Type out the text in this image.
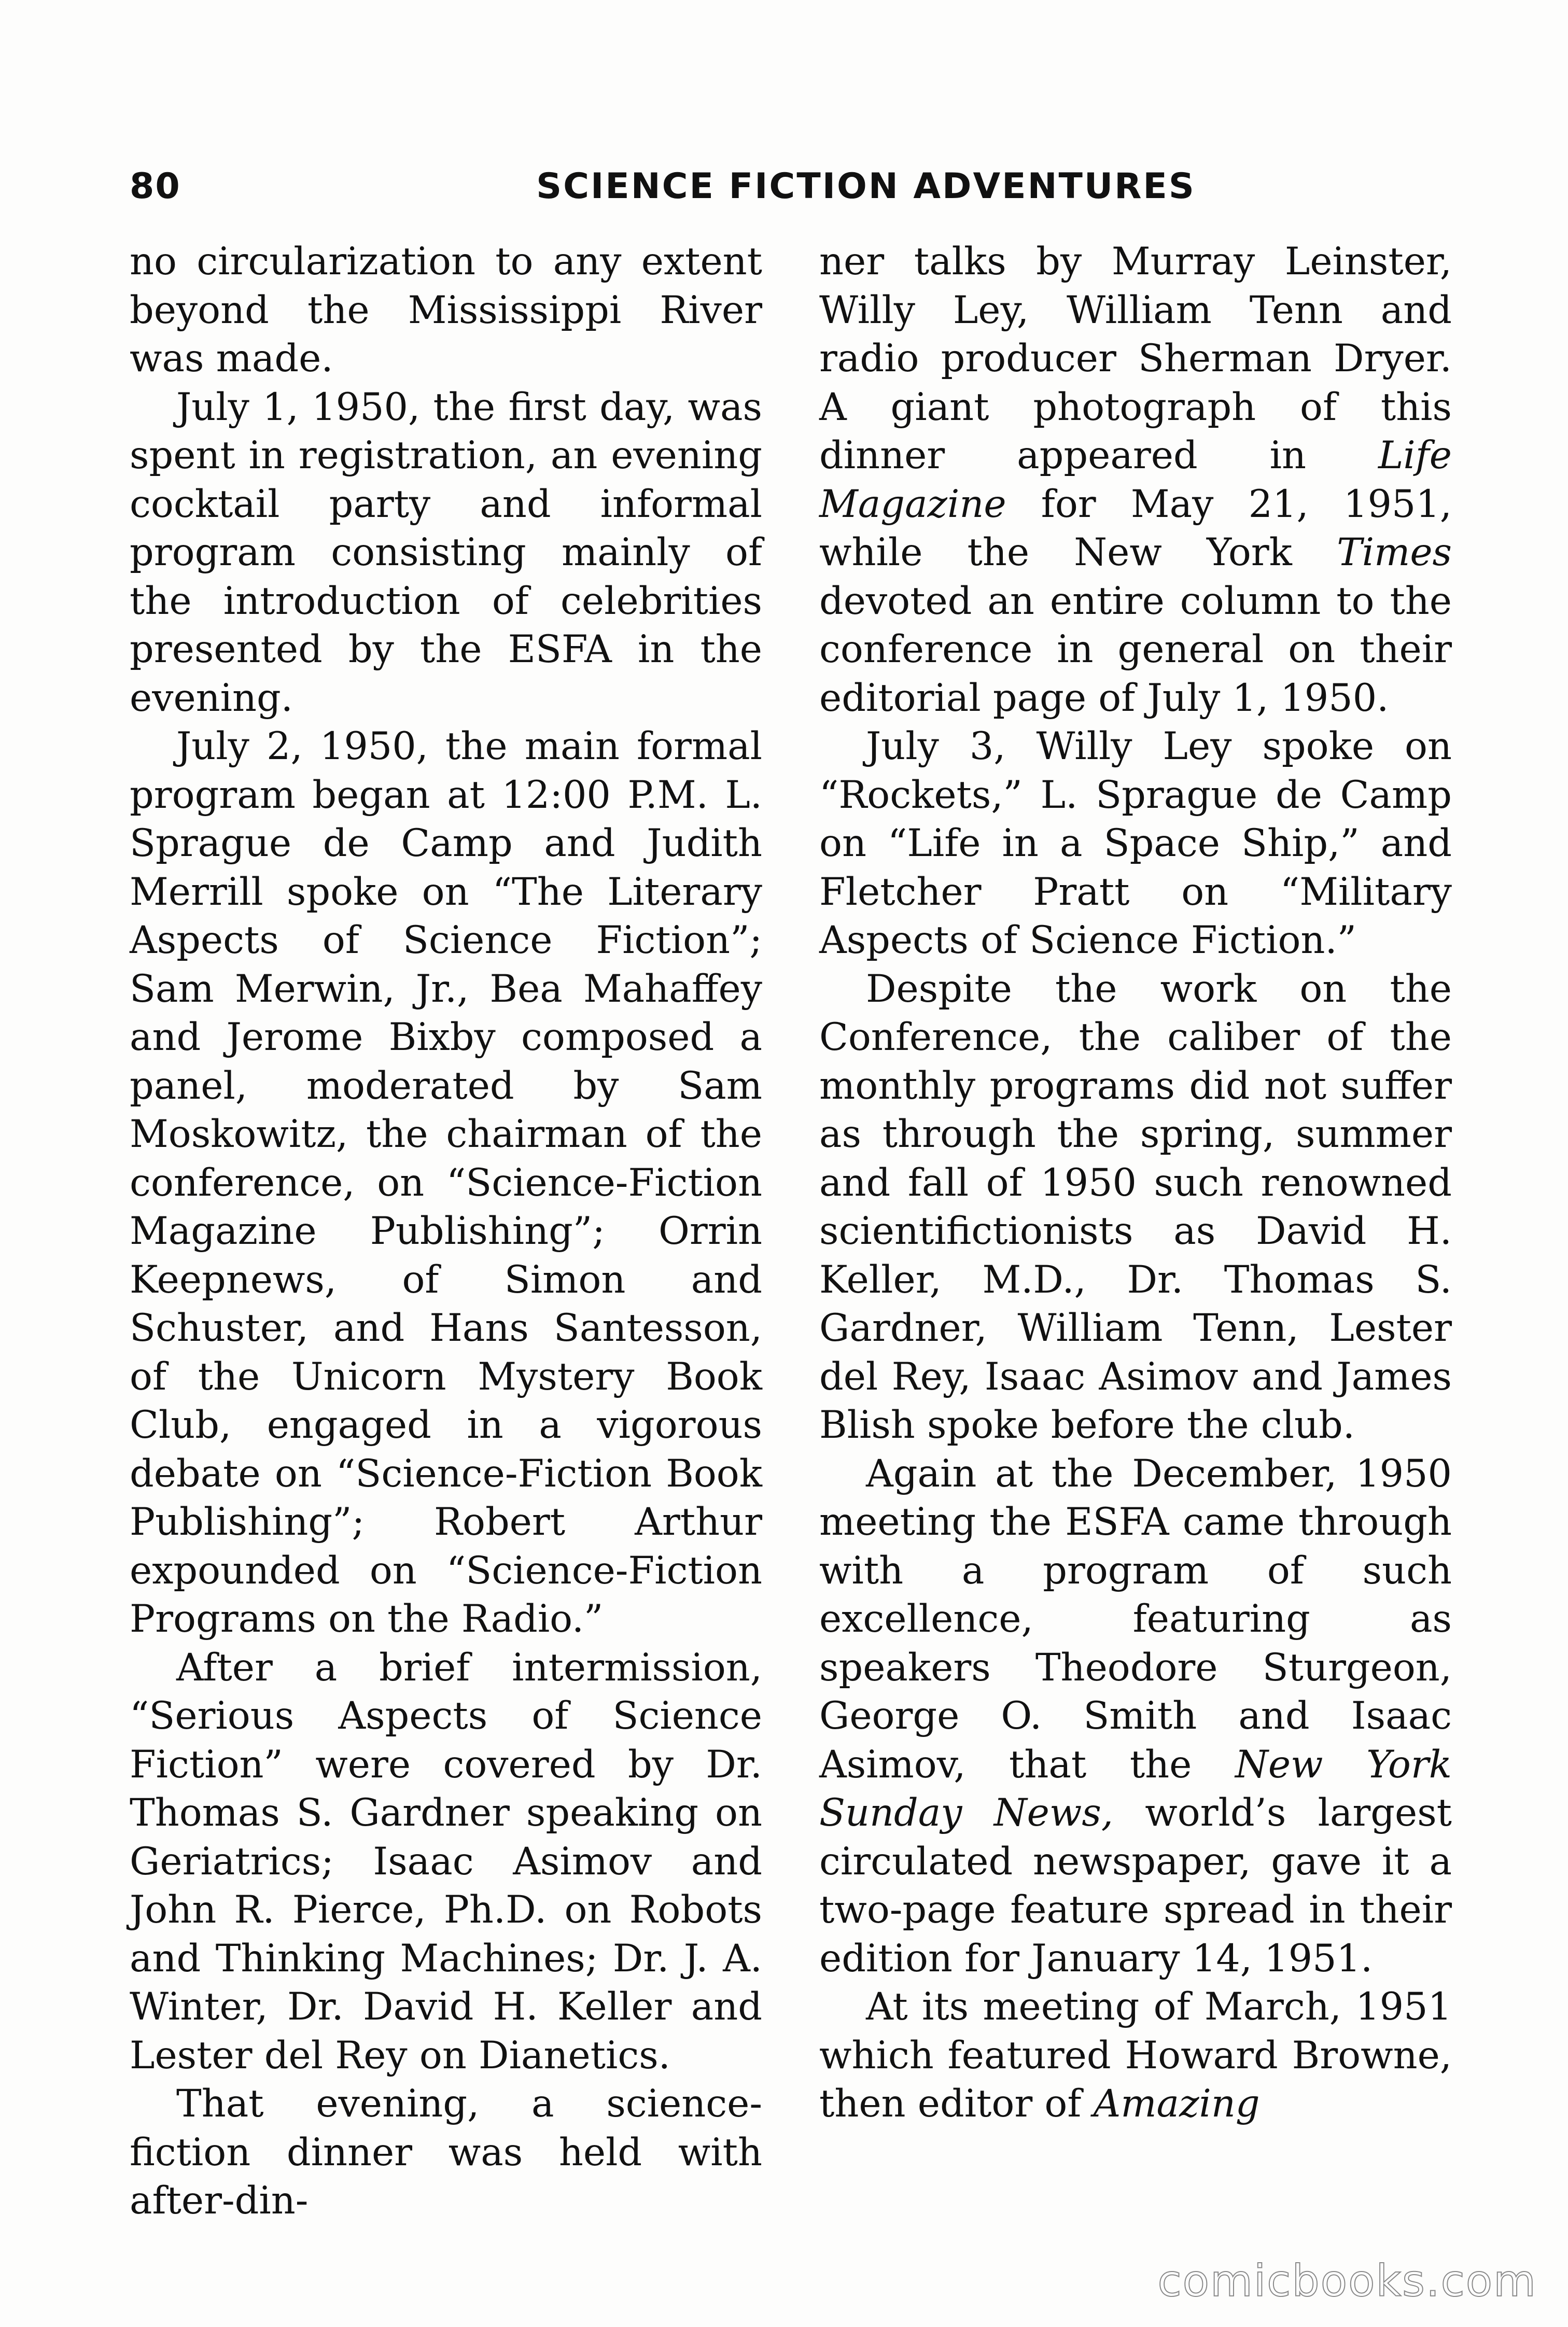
80	SCIENCE FICTION ADVENTURES

no circularization to any extent beyond the Mississippi River was made.

July 1, 1950, the first day, was spent in registration, an evening cocktail party and informal program consisting mainly of the introduction of celebrities presented by the ESFA in the evening.

July 2, 1950, the main formal program began at 12:00 P.M. L. Sprague de Camp and Judith Merrill spoke on “The Literary Aspects of Science Fiction”; Sam Merwin, Jr., Bea Mahaffey and Jerome Bixby composed a panel, moderated by Sam Moskowitz, the chairman of the conference, on “Science-Fiction Magazine Publishing”; Orrin Keepnews, of Simon and Schuster, and Hans Santesson, of the Unicorn Mystery Book Club, engaged in a vigorous debate on “Science-Fiction Book Publishing”; Robert Arthur expounded on “Science-Fiction Programs on the Radio.”

After a brief intermission, “Serious Aspects of Science Fiction” were covered by Dr. Thomas S. Gardner speaking on Geriatrics; Isaac Asimov and John R. Pierce, Ph.D. on Robots and Thinking Machines; Dr. J. A. Winter, Dr. David H. Keller and Lester del Rey on Dianetics.

That evening, a science-fiction dinner was held with after-din-

ner talks by Murray Leinster, Willy Ley, William Tenn and radio producer Sherman Dryer. A giant photograph of this dinner appeared in Life Magazine for May 21, 1951, while the New York Times devoted an entire column to the conference in general on their editorial page of July 1, 1950.

July 3, Willy Ley spoke on “Rockets,” L. Sprague de Camp on “Life in a Space Ship,” and Fletcher Pratt on “Military Aspects of Science Fiction.”

Despite the work on the Conference, the caliber of the monthly programs did not suffer as through the spring, summer and fall of 1950 such renowned scientifictionists as David H. Keller, M.D., Dr. Thomas S. Gardner, William Tenn, Lester del Rey, Isaac Asimov and James Blish spoke before the club.

Again at the December, 1950 meeting the ESFA came through with a program of such excellence, featuring as speakers Theodore Sturgeon, George O. Smith and Isaac Asimov, that the New York Sunday News, world’s largest circulated newspaper, gave it a two-page feature spread in their edition for January 14, 1951.

At its meeting of March, 1951 which featured Howard Browne, then editor of Amazing

comicbooks.com
